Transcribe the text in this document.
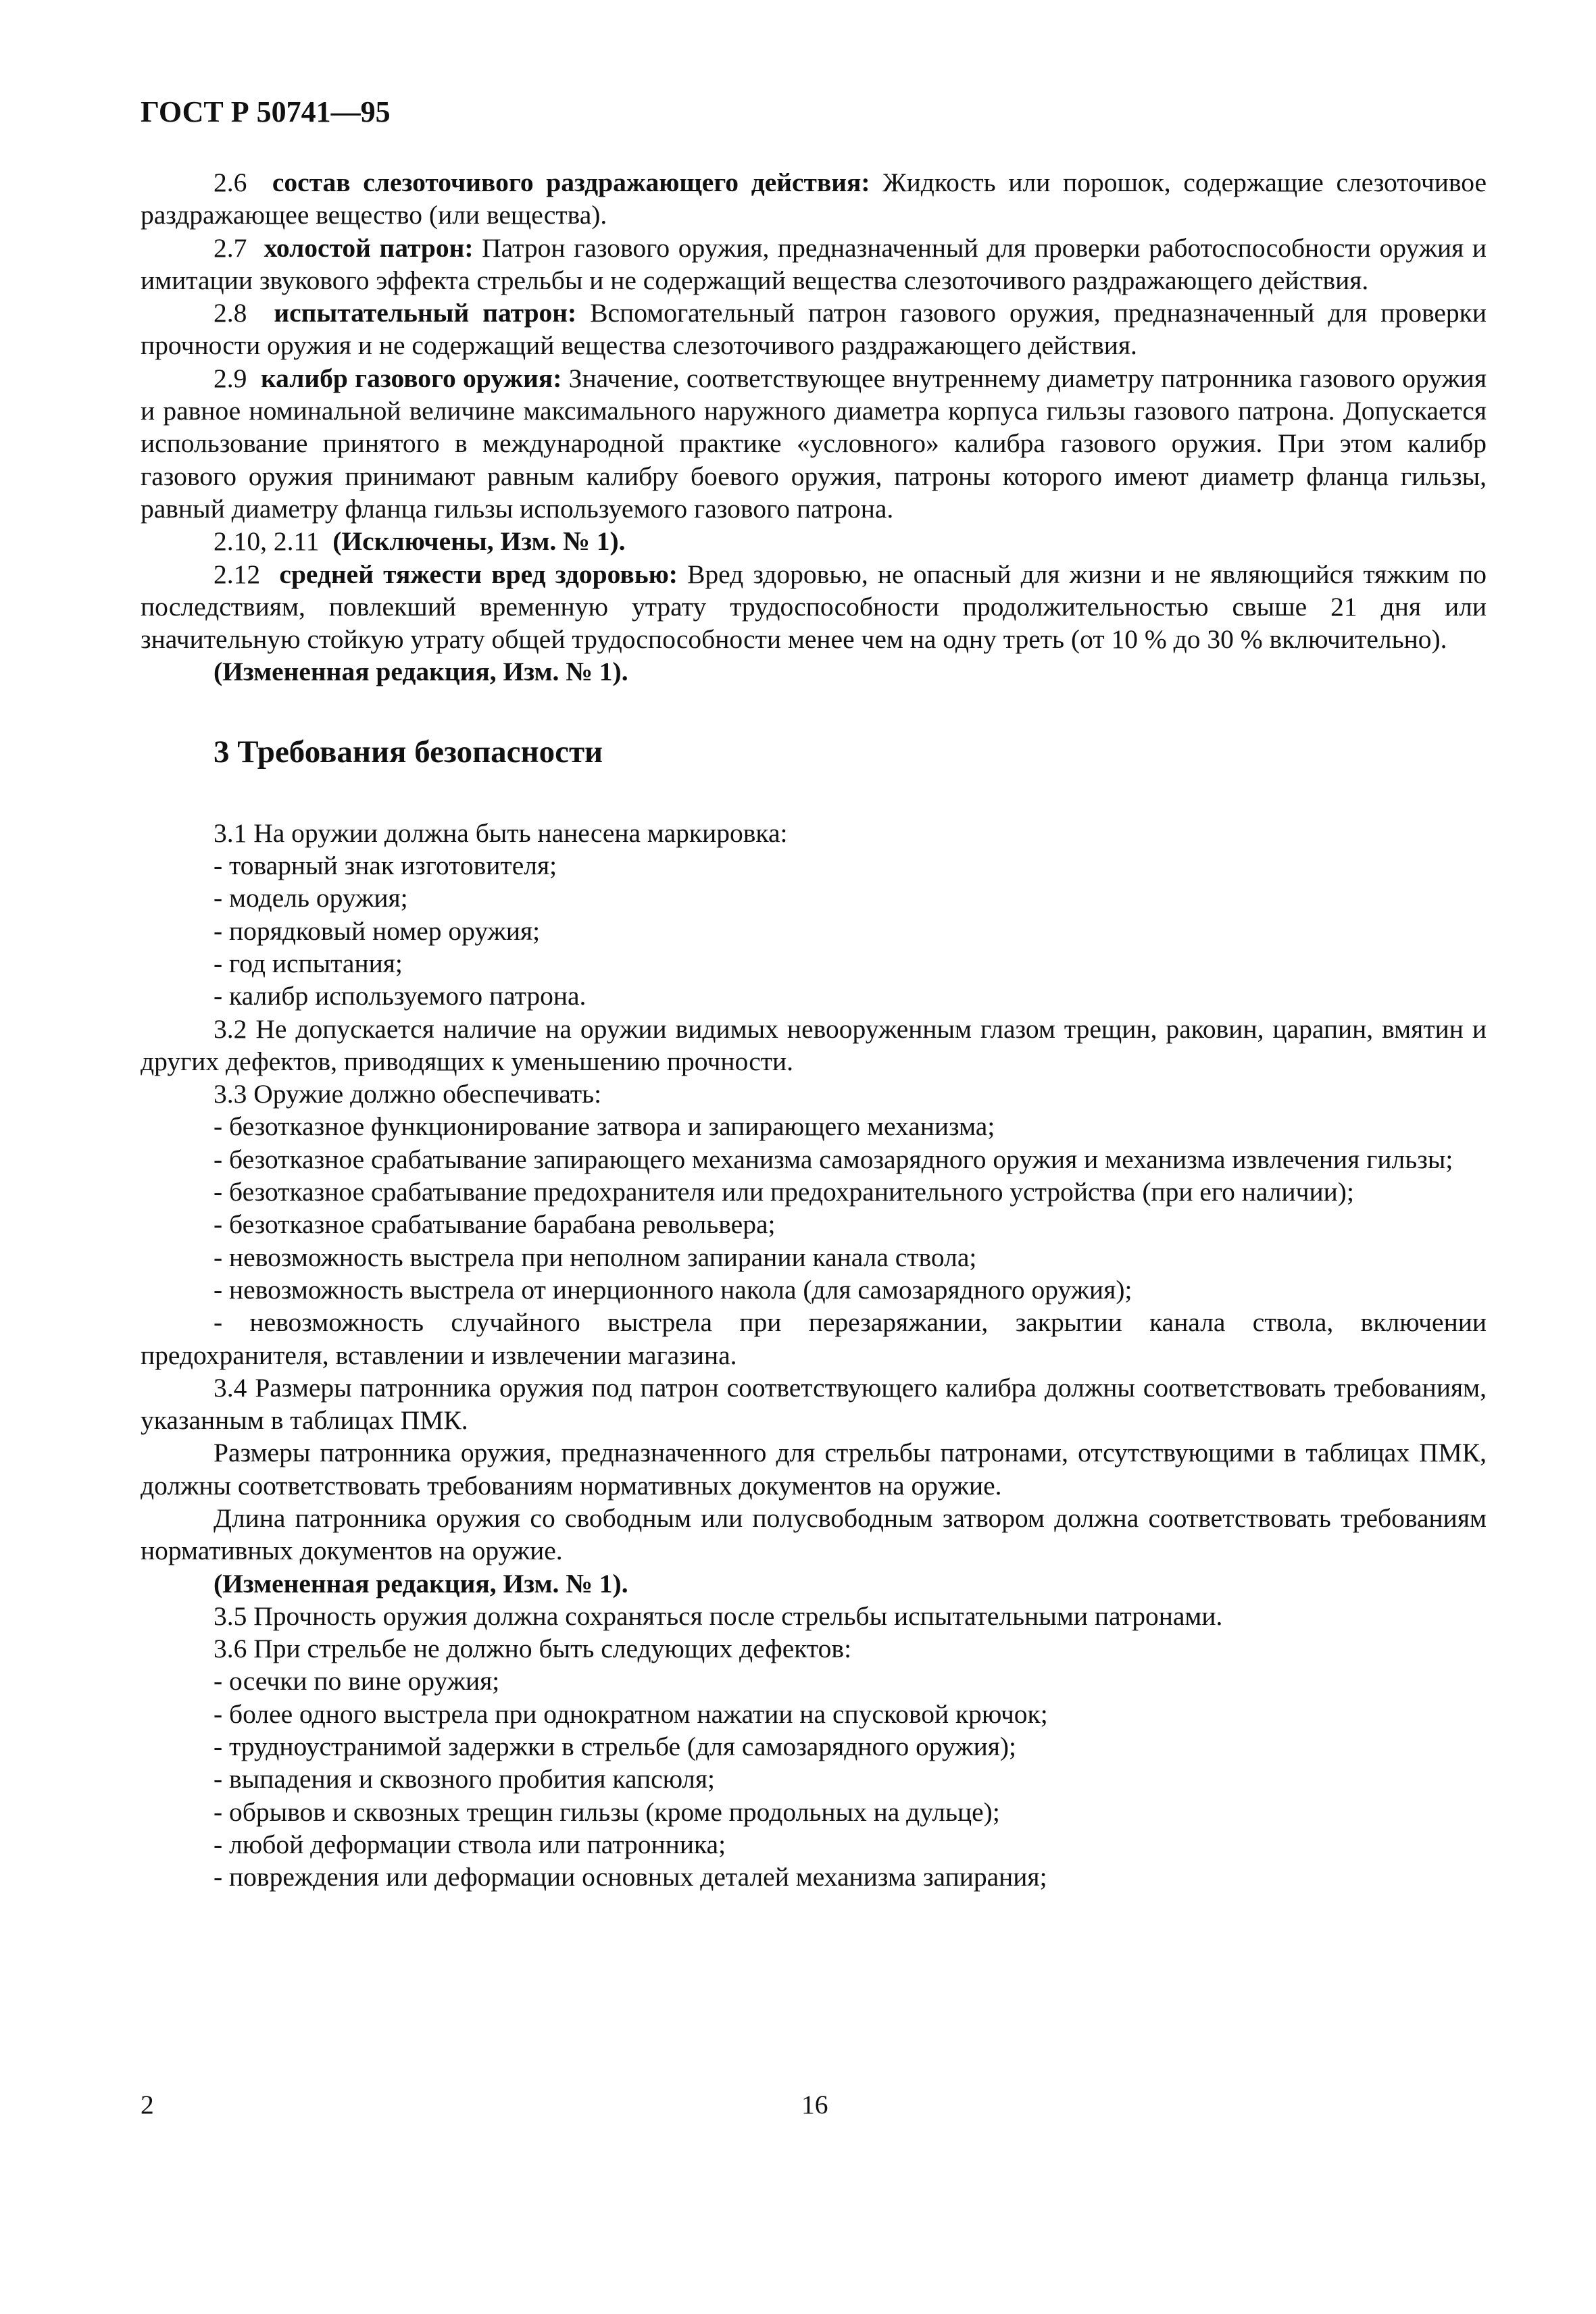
ГОСТ Р 50741—95

2.6 состав слезоточивого раздражающего действия: Жидкость или порошок, содержащие слезоточивое раздражающее вещество (или вещества).

2.7 холостой патрон: Патрон газового оружия, предназначенный для проверки работоспособности оружия и имитации звукового эффекта стрельбы и не содержащий вещества слезоточивого раздражающего действия.

2.8 испытательный патрон: Вспомогательный патрон газового оружия, предназначенный для проверки прочности оружия и не содержащий вещества слезоточивого раздражающего действия.

2.9 калибр газового оружия: Значение, соответствующее внутреннему диаметру патронника газового оружия и равное номинальной величине максимального наружного диаметра корпуса гильзы газового патрона. Допускается использование принятого в международной практике «условного» калибра газового оружия. При этом калибр газового оружия принимают равным калибру боевого оружия, патроны которого имеют диаметр фланца гильзы, равный диаметру фланца гильзы используемого газового патрона.

2.10, 2.11 (Исключены, Изм. № 1).

2.12 средней тяжести вред здоровью: Вред здоровью, не опасный для жизни и не являющийся тяжким по последствиям, повлекший временную утрату трудоспособности продолжительностью свыше 21 дня или значительную стойкую утрату общей трудоспособности менее чем на одну треть (от 10 % до 30 % включительно).

(Измененная редакция, Изм. № 1).

3 Требования безопасности

3.1 На оружии должна быть нанесена маркировка:

- товарный знак изготовителя;

- модель оружия;

- порядковый номер оружия;

- год испытания;

- калибр используемого патрона.

3.2 Не допускается наличие на оружии видимых невооруженным глазом трещин, раковин, царапин, вмятин и других дефектов, приводящих к уменьшению прочности.

3.3 Оружие должно обеспечивать:

- безотказное функционирование затвора и запирающего механизма;

- безотказное срабатывание запирающего механизма самозарядного оружия и механизма извлечения гильзы;

- безотказное срабатывание предохранителя или предохранительного устройства (при его наличии);

- безотказное срабатывание барабана револьвера;

- невозможность выстрела при неполном запирании канала ствола;

- невозможность выстрела от инерционного накола (для самозарядного оружия);

- невозможность случайного выстрела при перезаряжании, закрытии канала ствола, включении предохранителя, вставлении и извлечении магазина.

3.4 Размеры патронника оружия под патрон соответствующего калибра должны соответствовать требованиям, указанным в таблицах ПМК.

Размеры патронника оружия, предназначенного для стрельбы патронами, отсутствующими в таблицах ПМК, должны соответствовать требованиям нормативных документов на оружие.

Длина патронника оружия со свободным или полусвободным затвором должна соответствовать требованиям нормативных документов на оружие.

(Измененная редакция, Изм. № 1).

3.5 Прочность оружия должна сохраняться после стрельбы испытательными патронами.

3.6 При стрельбе не должно быть следующих дефектов:

- осечки по вине оружия;

- более одного выстрела при однократном нажатии на спусковой крючок;

- трудноустранимой задержки в стрельбе (для самозарядного оружия);

- выпадения и сквозного пробития капсюля;

- обрывов и сквозных трещин гильзы (кроме продольных на дульце);

- любой деформации ствола или патронника;

- повреждения или деформации основных деталей механизма запирания;

2	16
